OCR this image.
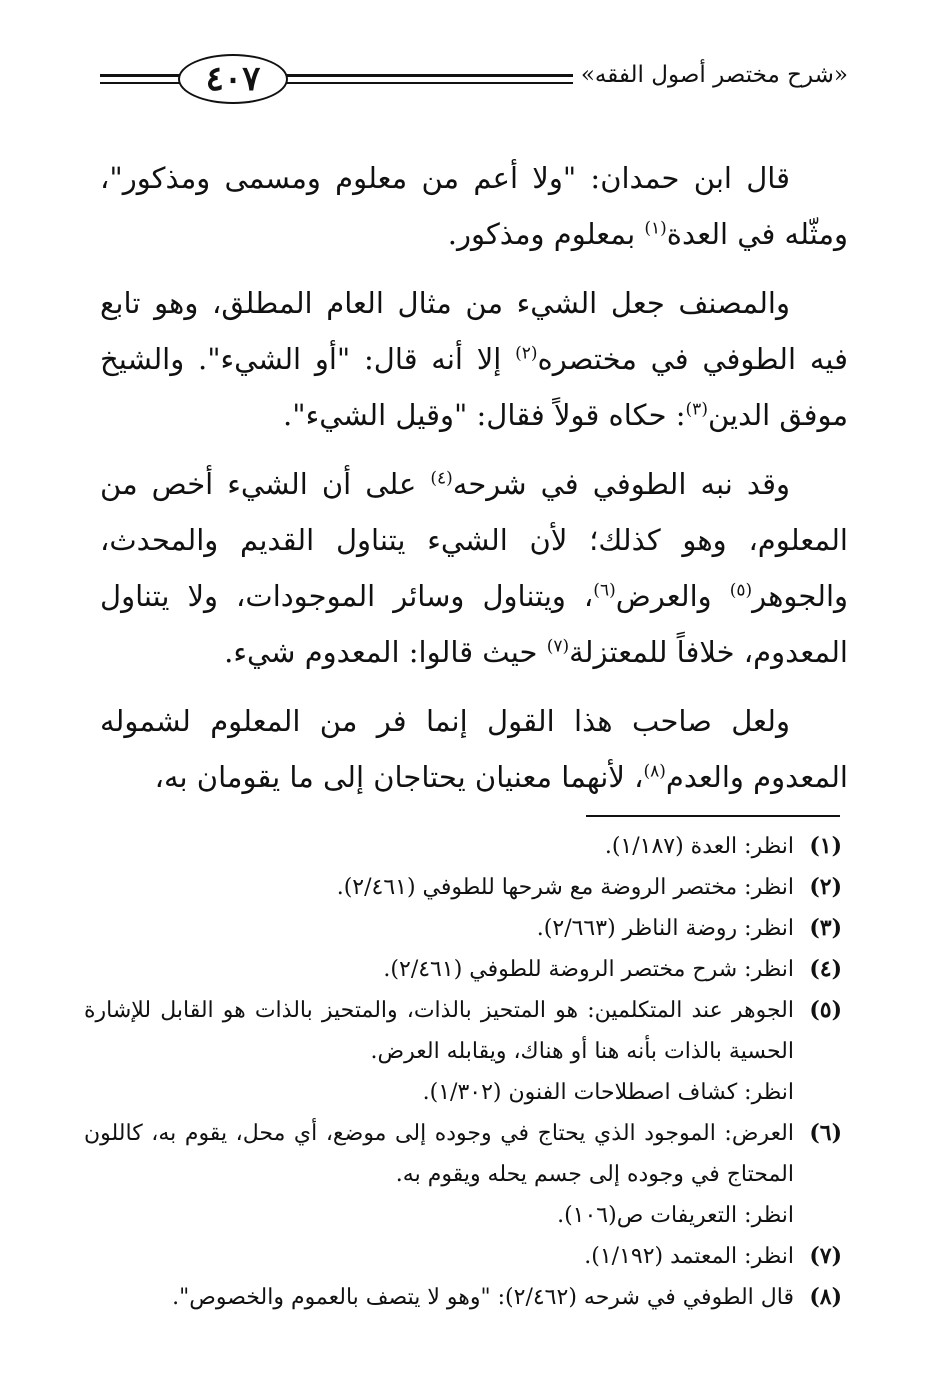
«شرح مختصر أصول الفقه»
٤٠٧

قال ابن حمدان: "ولا أعم من معلوم ومسمى ومذكور"، ومثّله في العدة$^{(١)}$ بمعلوم ومذكور.

والمصنف جعل الشيء من مثال العام المطلق، وهو تابع فيه الطوفي في مختصره$^{(٢)}$ إلا أنه قال: "أو الشيء". والشيخ موفق الدين$^{(٣)}$: حكاه قولاً فقال: "وقيل الشيء".

وقد نبه الطوفي في شرحه$^{(٤)}$ على أن الشيء أخص من المعلوم، وهو كذلك؛ لأن الشيء يتناول القديم والمحدث، والجوهر$^{(٥)}$ والعرض$^{(٦)}$، ويتناول وسائر الموجودات، ولا يتناول المعدوم، خلافاً للمعتزلة$^{(٧)}$ حيث قالوا: المعدوم شيء.

ولعل صاحب هذا القول إنما فر من المعلوم لشموله المعدوم والعدم$^{(٨)}$، لأنهما معنيان يحتاجان إلى ما يقومان به،

(١)
انظر: العدة (١/١٨٧).
(٢)
انظر: مختصر الروضة مع شرحها للطوفي (٢/٤٦١).
(٣)
انظر: روضة الناظر (٢/٦٦٣).
(٤)
انظر: شرح مختصر الروضة للطوفي (٢/٤٦١).
(٥)
الجوهر عند المتكلمين: هو المتحيز بالذات، والمتحيز بالذات هو القابل للإشارة الحسية بالذات بأنه هنا أو هناك، ويقابله العرض.
انظر: كشاف اصطلاحات الفنون (١/٣٠٢).
(٦)
العرض: الموجود الذي يحتاج في وجوده إلى موضع، أي محل، يقوم به، كاللون المحتاج في وجوده إلى جسم يحله ويقوم به.
انظر: التعريفات ص(١٠٦).
(٧)
انظر: المعتمد (١/١٩٢).
(٨)
قال الطوفي في شرحه (٢/٤٦٢): "وهو لا يتصف بالعموم والخصوص".
